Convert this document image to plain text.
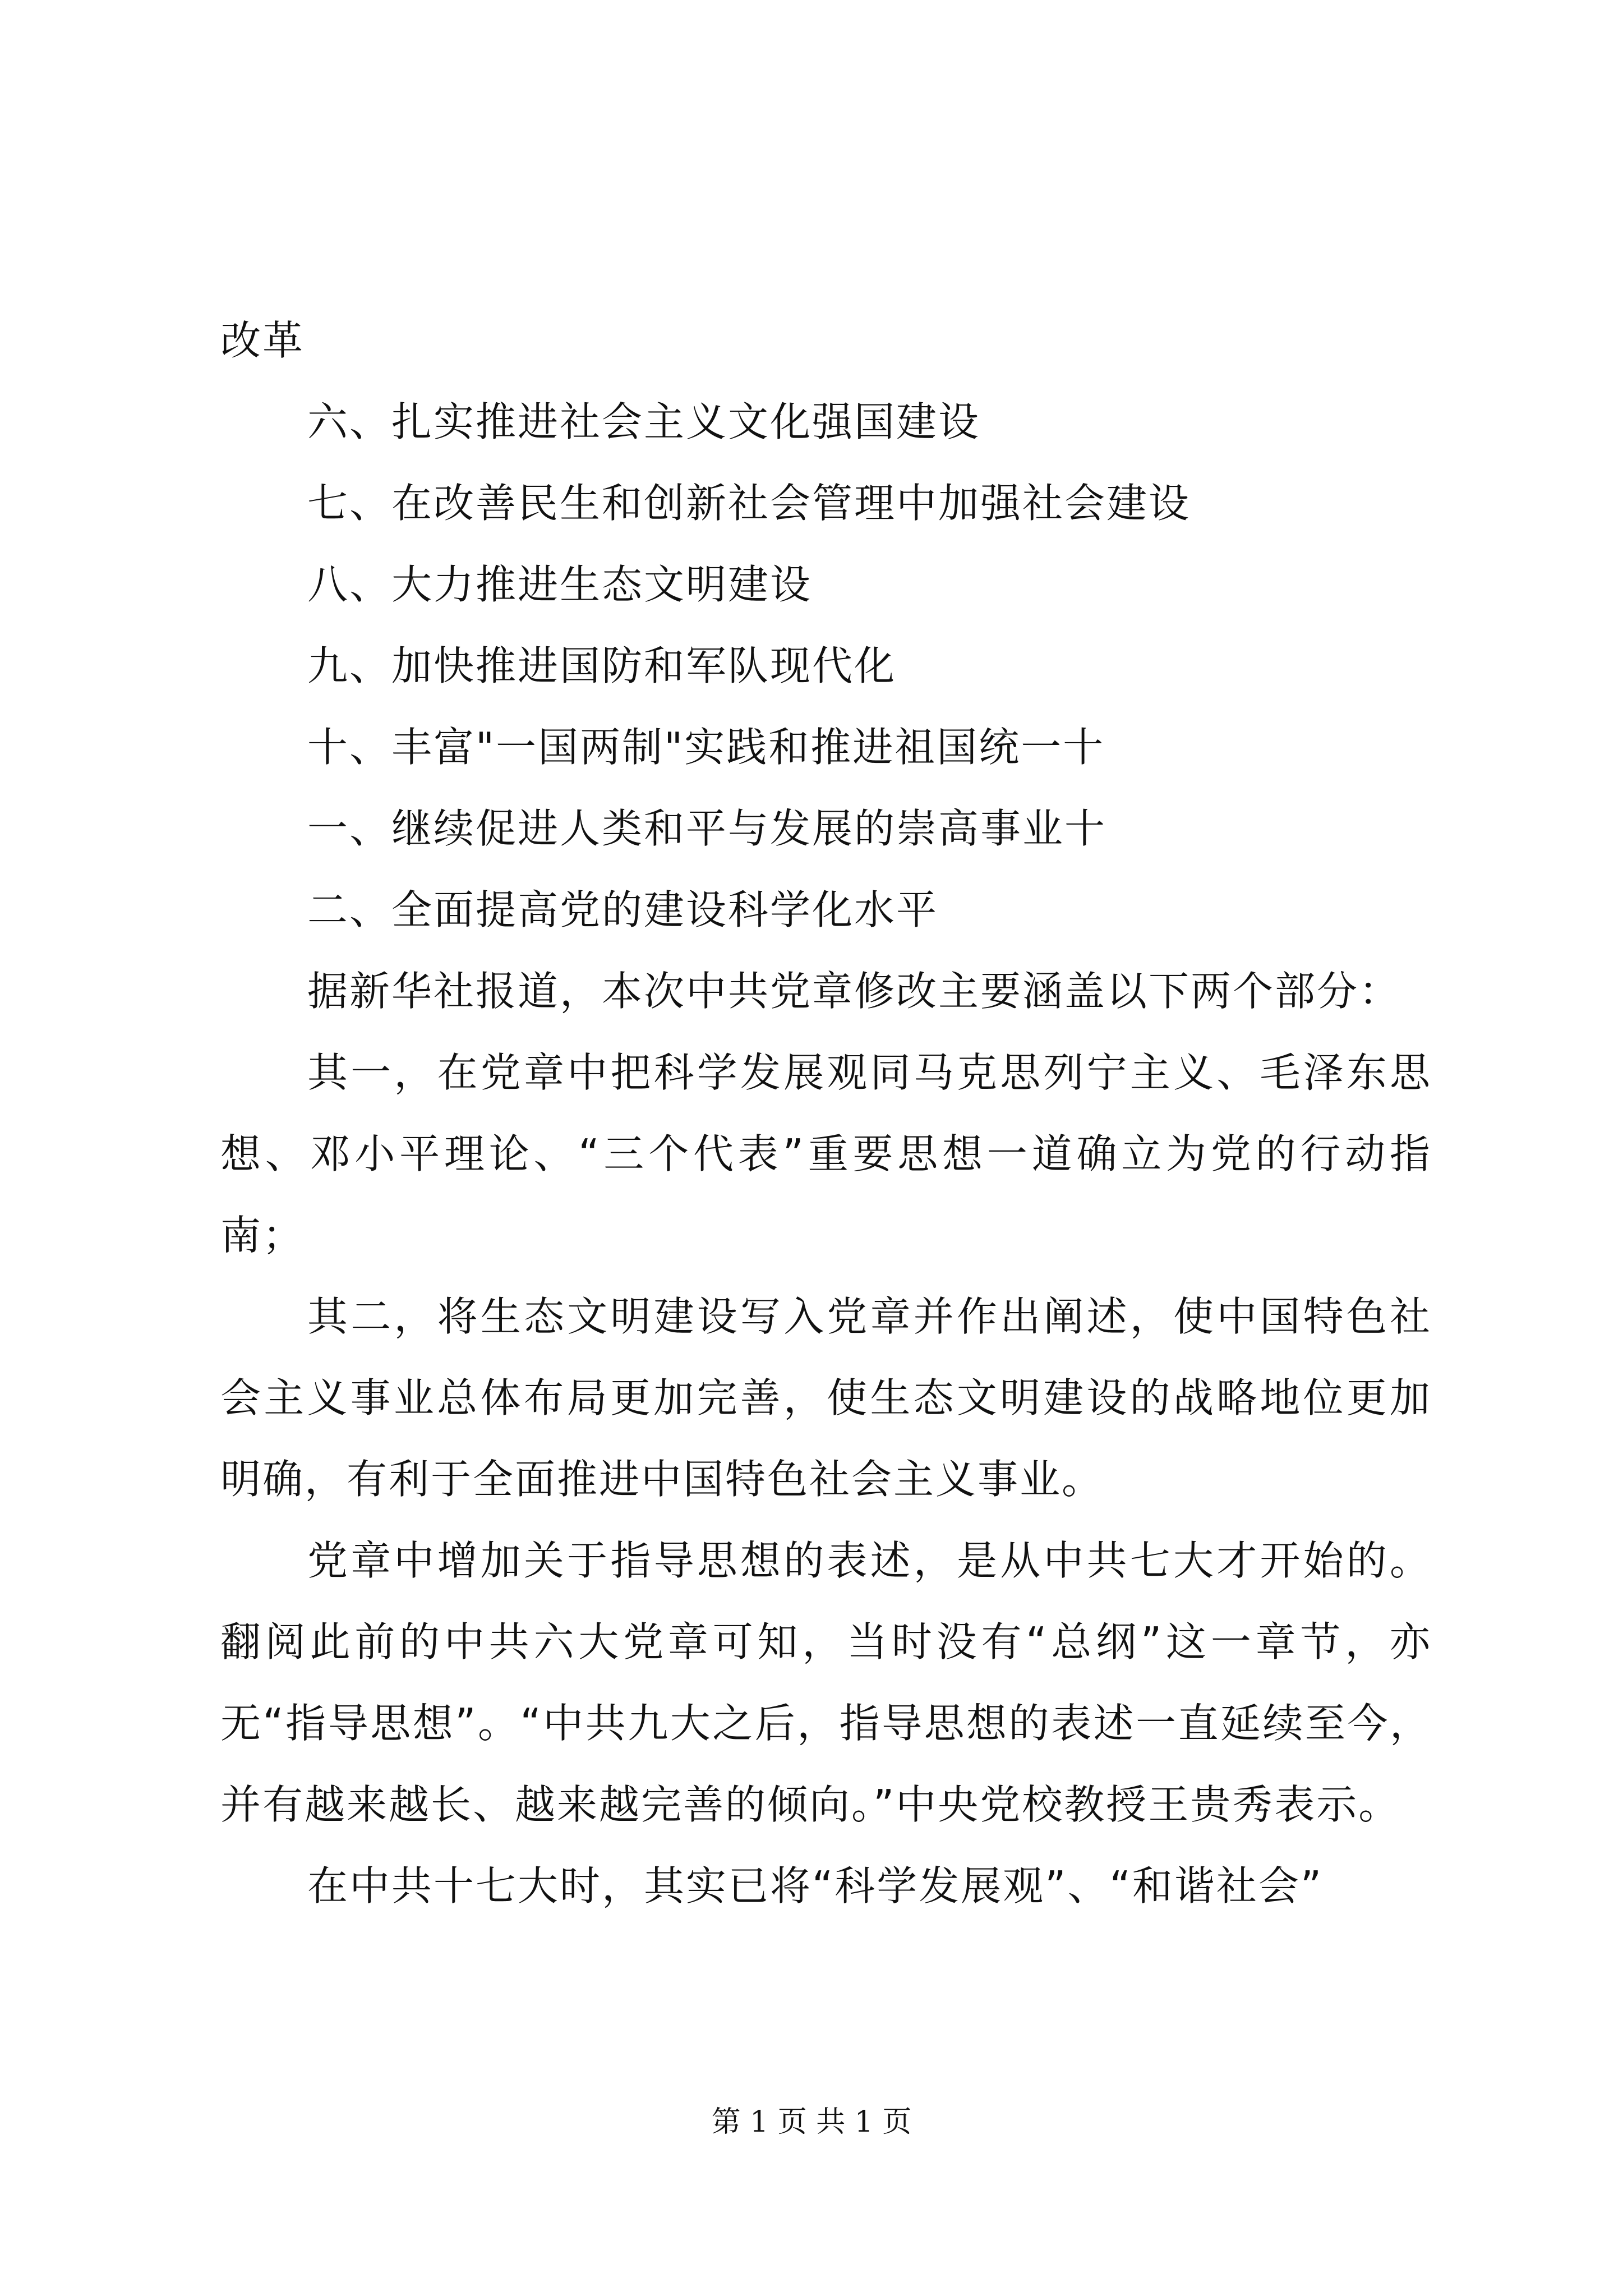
改革
六、扎实推进社会主义文化强国建设
七、在改善民生和创新社会管理中加强社会建设
八、大力推进生态文明建设
九、加快推进国防和军队现代化
十、丰富"一国两制"实践和推进祖国统一十
一、继续促进人类和平与发展的崇高事业十
二、全面提高党的建设科学化水平
据新华社报道，本次中共党章修改主要涵盖以下两个部分：

其一，在党章中把科学发展观同马克思列宁主义、毛泽东思想、邓小平理论、“三个代表”重要思想一道确立为党的行动指南；

其二，将生态文明建设写入党章并作出阐述，使中国特色社会主义事业总体布局更加完善，使生态文明建设的战略地位更加明确，有利于全面推进中国特色社会主义事业。

党章中增加关于指导思想的表述，是从中共七大才开始的。翻阅此前的中共六大党章可知，当时没有“总纲”这一章节，亦无“指导思想”。“中共九大之后，指导思想的表述一直延续至今，并有越来越长、越来越完善的倾向。”中央党校教授王贵秀表示。

在中共十七大时，其实已将“科学发展观”、“和谐社会”

第 1 页 共 1 页
